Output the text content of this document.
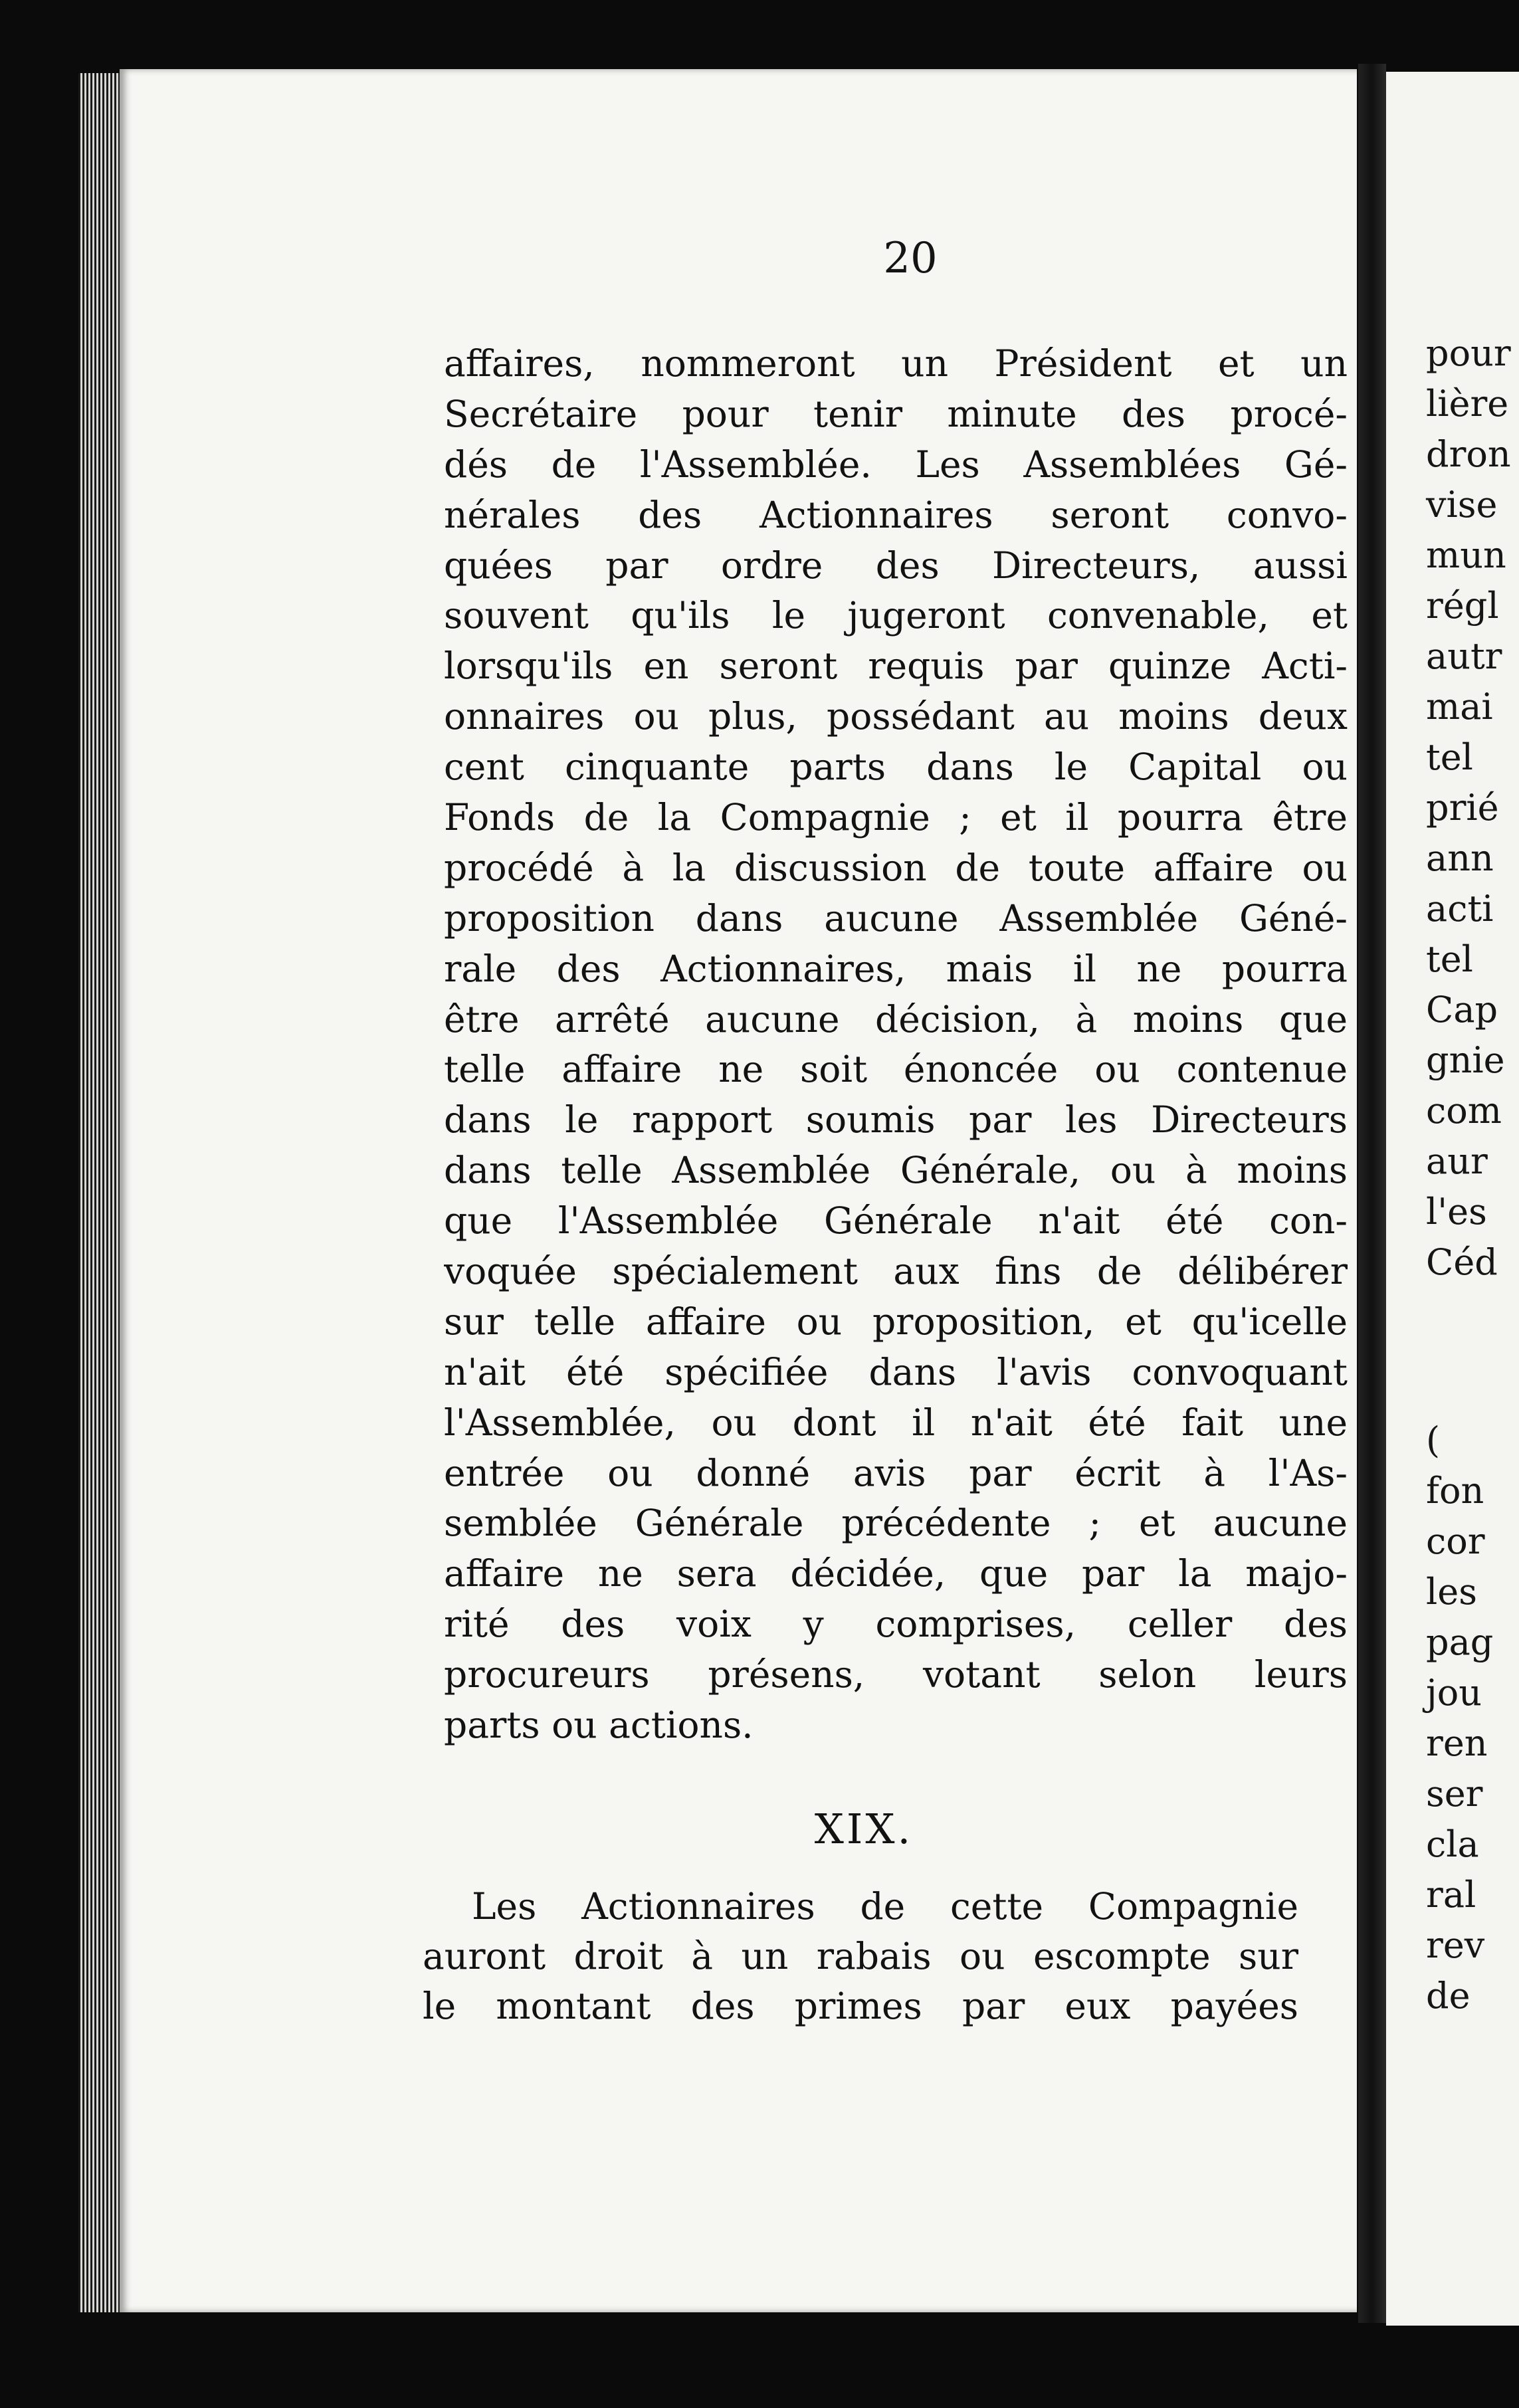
20
affaires, nommeront un Président et un
Secrétaire pour tenir minute des procé-
dés de l'Assemblée. Les Assemblées Gé-
nérales des Actionnaires seront convo-
quées par ordre des Directeurs, aussi
souvent qu'ils le jugeront convenable, et
lorsqu'ils en seront requis par quinze Acti-
onnaires ou plus, possédant au moins deux
cent cinquante parts dans le Capital ou
Fonds de la Compagnie ; et il pourra être
procédé à la discussion de toute affaire ou
proposition dans aucune Assemblée Géné-
rale des Actionnaires, mais il ne pourra
être arrêté aucune décision, à moins que
telle affaire ne soit énoncée ou contenue
dans le rapport soumis par les Directeurs
dans telle Assemblée Générale, ou à moins
que l'Assemblée Générale n'ait été con-
voquée spécialement aux fins de délibérer
sur telle affaire ou proposition, et qu'icelle
n'ait été spécifiée dans l'avis convoquant
l'Assemblée, ou dont il n'ait été fait une
entrée ou donné avis par écrit à l'As-
semblée Générale précédente ; et aucune
affaire ne sera décidée, que par la majo-
rité des voix y comprises, celler des
procureurs présens, votant selon leurs
parts ou actions.
XIX.
Les Actionnaires de cette Compagnie
auront droit à un rabais ou escompte sur
le montant des primes par eux payées
pour
lière
dron
vise
mun
régl
autr
mai
tel
prié
ann
acti
tel
Cap
gnie
com
aur
l'es
Céd
(
fon
cor
les
pag
jou
ren
ser
cla
ral
rev
de
